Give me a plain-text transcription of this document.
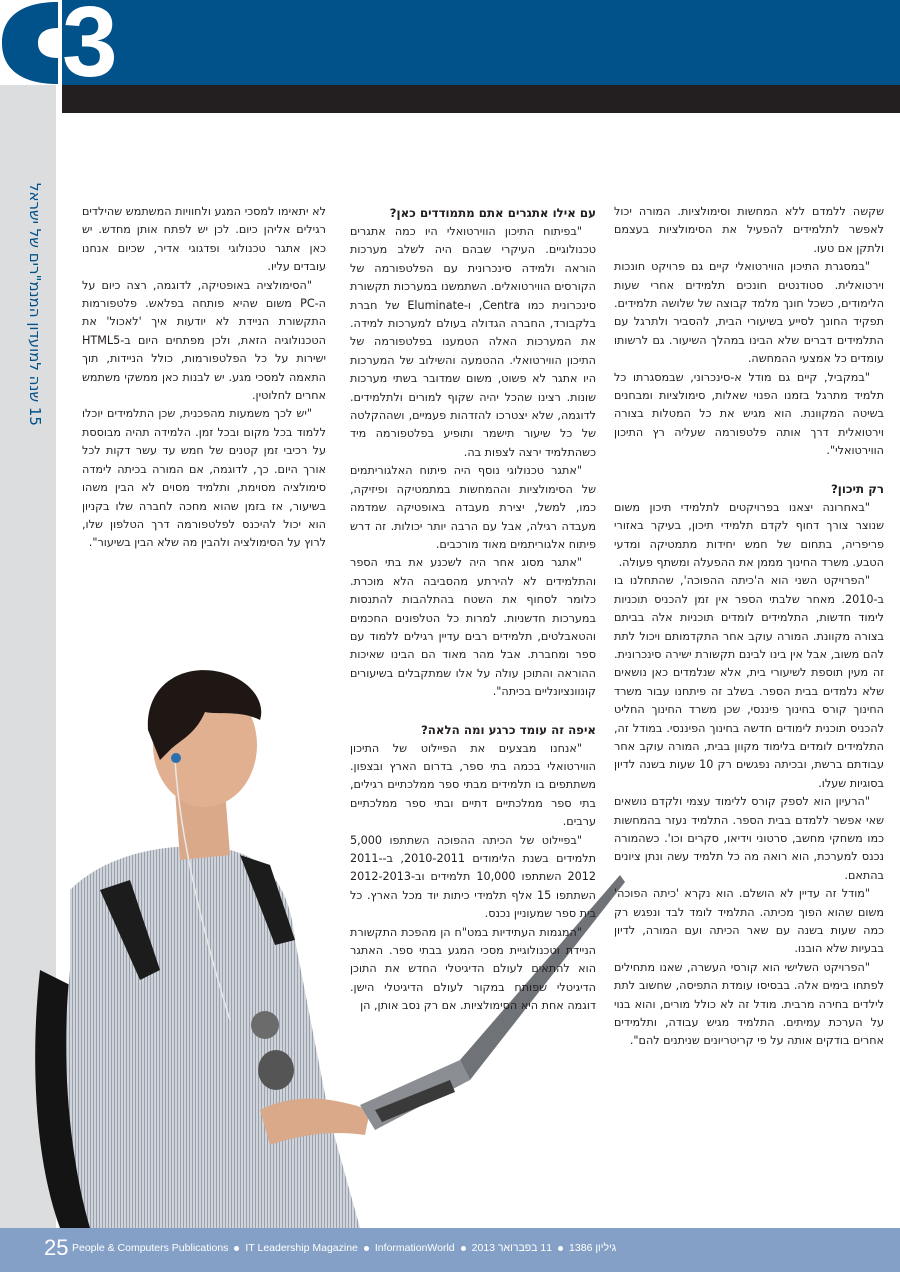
3
15 שנה למועדון המנמ"רים של ישראל

שקשה ללמדם ללא המחשות וסימולציות. המורה יכול לאפשר לתלמידים להפעיל את הסימולציות בעצמם ולתקן אם טעו.

"במסגרת התיכון הווירטואלי קיים גם פרויקט חונכות וירטואלית. סטודנטים חונכים תלמידים אחרי שעות הלימודים, כשכל חונך מלמד קבוצה של שלושה תלמידים. תפקיד החונך לסייע בשיעורי הבית, להסביר ולתרגל עם התלמידים דברים שלא הבינו במהלך השיעור. גם לרשותו עומדים כל אמצעי ההמחשה.

"במקביל, קיים גם מודל א-סינכרוני, שבמסגרתו כל תלמיד מתרגל בזמנו הפנוי שאלות, סימולציות ומבחנים בשיטה המקוונת. הוא מגיש את כל המטלות בצורה וירטואלית דרך אותה פלטפורמה שעליה רץ התיכון הווירטואלי".

רק תיכון?

"באחרונה יצאנו בפרויקטים לתלמידי תיכון משום שנוצר צורך דחוף לקדם תלמידי תיכון, בעיקר באזורי פריפריה, בתחום של חמש יחידות מתמטיקה ומדעי הטבע. משרד החינוך מממן את ההפעלה ומשתף פעולה.

"הפרויקט השני הוא ה'כיתה ההפוכה', שהתחלנו בו ב-2010. מאחר שלבתי הספר אין זמן להכניס תוכניות לימוד חדשות, התלמידים לומדים תוכניות אלה בביתם בצורה מקוונת. המורה עוקב אחר התקדמותם ויכול לתת להם משוב, אבל אין בינו לבינם תקשורת ישירה סינכרונית. זה מעין תוספת לשיעורי בית, אלא שנלמדים כאן נושאים שלא נלמדים בבית הספר. בשלב זה פיתחנו עבור משרד החינוך קורס בחינוך פיננסי, שכן משרד החינוך החליט להכניס תוכנית לימודים חדשה בחינוך הפיננסי. במודל זה, התלמידים לומדים בלימוד מקוון בבית, המורה עוקב אחר עבודתם ברשת, ובכיתה נפגשים רק 10 שעות בשנה לדיון בסוגיות שעלו.

"הרעיון הוא לספק קורס ללימוד עצמי ולקדם נושאים שאי אפשר ללמדם בבית הספר. התלמיד נעזר בהמחשות כמו משחקי מחשב, סרטוני וידיאו, סקרים וכו'. כשהמורה נכנס למערכת, הוא רואה מה כל תלמיד עשה ונתן ציונים בהתאם.

"מודל זה עדיין לא הושלם. הוא נקרא 'כיתה הפוכה' משום שהוא הפוך מכיתה. התלמיד לומד לבד ונפגש רק כמה שעות בשנה עם שאר הכיתה ועם המורה, לדיון בבעיות שלא הובנו.

"הפרויקט השלישי הוא קורסי העשרה, שאנו מתחילים לפתחו בימים אלה. בבסיסו עומדת התפיסה, שחשוב לתת לילדים בחירה מרבית. מודל זה לא כולל מורים, והוא בנוי על הערכת עמיתים. התלמיד מגיש עבודה, ותלמידים אחרים בודקים אותה על פי קריטריונים שניתנים להם".

עם אילו אתגרים אתם מתמודדים כאן?

"בפיתוח התיכון הווירטואלי היו כמה אתגרים טכנולוגיים. העיקרי שבהם היה לשלב מערכות הוראה ולמידה סינכרונית עם הפלטפורמה של הקורסים הווירטואלים. השתמשנו במערכות תקשורת סינכרונית כמו Centra, ו-Eluminate של חברת בלקבורד, החברה הגדולה בעולם למערכות למידה. את המערכות האלה הטמענו בפלטפורמה של התיכון הווירטואלי. ההטמעה והשילוב של המערכות היו אתגר לא פשוט, משום שמדובר בשתי מערכות שונות. רצינו שהכל יהיה שקוף למורים ולתלמידים. לדוגמה, שלא יצטרכו להזדהות פעמיים, ושההקלטה של כל שיעור תישמר ותופיע בפלטפורמה מיד כשהתלמיד ירצה לצפות בה.

"אתגר טכנולוגי נוסף היה פיתוח האלגוריתמים של הסימולציות וההמחשות במתמטיקה ופיזיקה, כמו, למשל, יצירת מעבדה באופטיקה שמדמה מעבדה רגילה, אבל עם הרבה יותר יכולות. זה דרש פיתוח אלגוריתמים מאוד מורכבים.

"אתגר מסוג אחר היה לשכנע את בתי הספר והתלמידים לא להירתע מהסביבה הלא מוכרת. כלומר לסחוף את השטח בהתלהבות להתנסות במערכות חדשניות. למרות כל הטלפונים החכמים והטאבלטים, תלמידים רבים עדיין רגילים ללמוד עם ספר ומחברת. אבל מהר מאוד הם הבינו שאיכות ההוראה והתוכן עולה על אלו שמתקבלים בשיעורים קונוונציונליים בכיתה".

איפה זה עומד כרגע ומה הלאה?

"אנחנו מבצעים את הפיילוט של התיכון הווירטואלי בכמה בתי ספר, בדרום הארץ ובצפון. משתתפים בו תלמידים מבתי ספר ממלכתיים רגילים, בתי ספר ממלכתיים דתיים ובתי ספר ממלכתיים ערבים.

"בפיילוט של הכיתה ההפוכה השתתפו 5,000 תלמידים בשנת הלימודים 2010-2011, ב-2011-2012 השתתפו 10,000 תלמידים וב-2012-2013 השתתפו 15 אלף תלמידי כיתות יוד מכל הארץ. כל בית ספר שמעוניין נכנס.

"המגמות העתידיות במט"ח הן מהפכת התקשורת הניידת וטכנולוגיית מסכי המגע בבתי ספר. האתגר הוא להתאים לעולם הדיגיטלי החדש את התוכן הדיגיטלי שפותח במקור לעולם הדיגיטלי הישן. דוגמה אחת היא הסימולציות. אם רק נסב אותן, הן

לא יתאימו למסכי המגע ולחוויות המשתמש שהילדים רגילים אליהן כיום. לכן יש לפתח אותן מחדש. יש כאן אתגר טכנולוגי ופדגוגי אדיר, שכיום אנחנו עובדים עליו.

"הסימולציה באופטיקה, לדוגמה, רצה כיום על ה-PC משום שהיא פותחה בפלאש. פלטפורמות התקשורת הניידת לא יודעות איך 'לאכול' את הטכנולוגיה הזאת, ולכן מפתחים היום ב-HTML5 ישירות על כל הפלטפורמות, כולל הניידות, תוך התאמה למסכי מגע. יש לבנות כאן ממשקי משתמש אחרים לחלוטין.

"יש לכך משמעות מהפכנית, שכן התלמידים יוכלו ללמוד בכל מקום ובכל זמן. הלמידה תהיה מבוססת על רכיבי זמן קטנים של חמש עד עשר דקות לכל אורך היום. כך, לדוגמה, אם המורה בכיתה לימדה סימולציה מסוימת, ותלמיד מסוים לא הבין משהו בשיעור, אז בזמן שהוא מחכה לחברה שלו בקניון הוא יכול להיכנס לפלטפורמה דרך הטלפון שלו, לרוץ על הסימולציה ולהבין מה שלא הבין בשיעור".

25 People & Computers Publications IT Leadership Magazine InformationWorld 11 בפברואר 2013 גיליון 1386
